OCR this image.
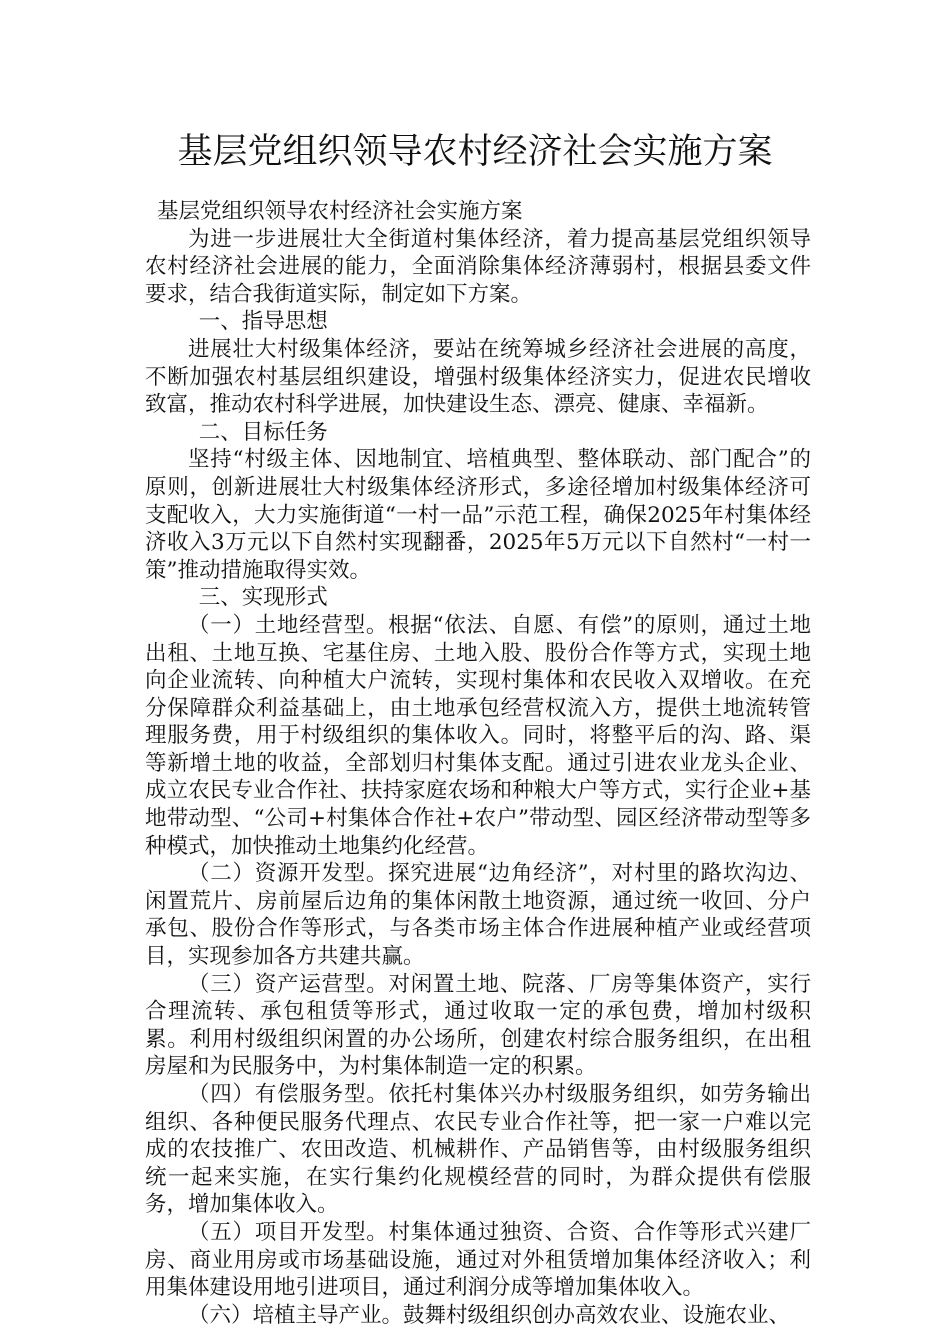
基层党组织领导农村经济社会实施方案

基层党组织领导农村经济社会实施方案

为进一步进展壮大全街道村集体经济，着力提高基层党组织领导农村经济社会进展的能力，全面消除集体经济薄弱村，根据县委文件要求，结合我街道实际，制定如下方案。

一、指导思想

进展壮大村级集体经济，要站在统筹城乡经济社会进展的高度，不断加强农村基层组织建设，增强村级集体经济实力，促进农民增收致富，推动农村科学进展，加快建设生态、漂亮、健康、幸福新。

二、目标任务

坚持“村级主体、因地制宜、培植典型、整体联动、部门配合”的原则，创新进展壮大村级集体经济形式，多途径增加村级集体经济可支配收入，大力实施街道“一村一品”示范工程，确保2025年村集体经济收入3万元以下自然村实现翻番，2025年5万元以下自然村“一村一策”推动措施取得实效。

三、实现形式

（一）土地经营型。根据“依法、自愿、有偿”的原则，通过土地出租、土地互换、宅基住房、土地入股、股份合作等方式，实现土地向企业流转、向种植大户流转，实现村集体和农民收入双增收。在充分保障群众利益基础上，由土地承包经营权流入方，提供土地流转管理服务费，用于村级组织的集体收入。同时，将整平后的沟、路、渠等新增土地的收益，全部划归村集体支配。通过引进农业龙头企业、成立农民专业合作社、扶持家庭农场和种粮大户等方式，实行企业+基地带动型、“公司+村集体合作社+农户”带动型、园区经济带动型等多种模式，加快推动土地集约化经营。

（二）资源开发型。探究进展“边角经济”，对村里的路坎沟边、闲置荒片、房前屋后边角的集体闲散土地资源，通过统一收回、分户承包、股份合作等形式，与各类市场主体合作进展种植产业或经营项目，实现参加各方共建共赢。

（三）资产运营型。对闲置土地、院落、厂房等集体资产，实行合理流转、承包租赁等形式，通过收取一定的承包费，增加村级积累。利用村级组织闲置的办公场所，创建农村综合服务组织，在出租房屋和为民服务中，为村集体制造一定的积累。

（四）有偿服务型。依托村集体兴办村级服务组织，如劳务输出组织、各种便民服务代理点、农民专业合作社等，把一家一户难以完成的农技推广、农田改造、机械耕作、产品销售等，由村级服务组织统一起来实施，在实行集约化规模经营的同时，为群众提供有偿服务，增加集体收入。

（五）项目开发型。村集体通过独资、合资、合作等形式兴建厂房、商业用房或市场基础设施，通过对外租赁增加集体经济收入；利用集体建设用地引进项目，通过利润分成等增加集体收入。

（六）培植主导产业。鼓舞村级组织创办高效农业、设施农业、
